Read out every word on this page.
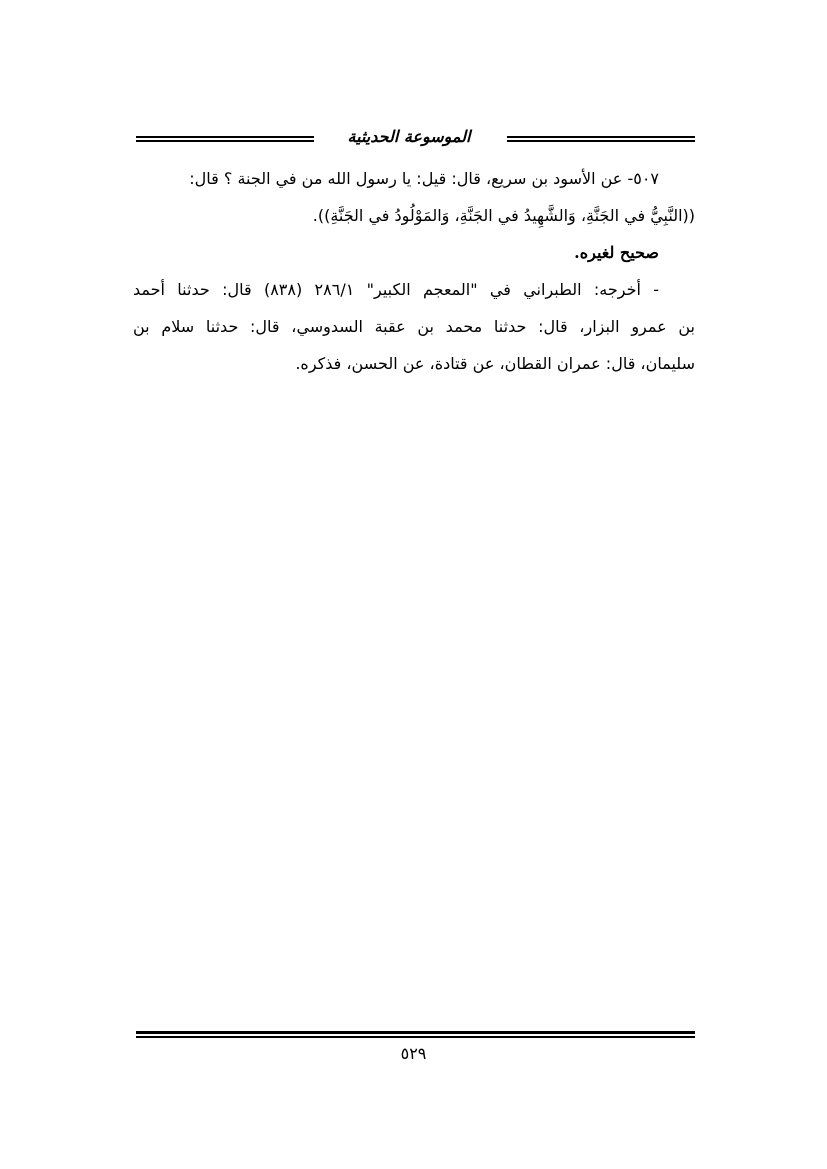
الموسوعة الحديثية
٥٠٧- عن الأسود بن سريع، قال: قيل: يا رسول الله من في الجنة ؟ قال:
((النَّبِيُّ في الجَنَّةِ، وَالشَّهِيدُ في الجَنَّةِ، وَالمَوْلُودُ في الجَنَّةِ)).
صحيح لغيره.
- أخرجه: الطبراني في "المعجم الكبير" ٢٨٦/١ (٨٣٨) قال: حدثنا أحمد
بن عمرو البزار، قال: حدثنا محمد بن عقبة السدوسي، قال: حدثنا سلام بن
سليمان، قال: عمران القطان، عن قتادة، عن الحسن، فذكره.
٥٢٩
